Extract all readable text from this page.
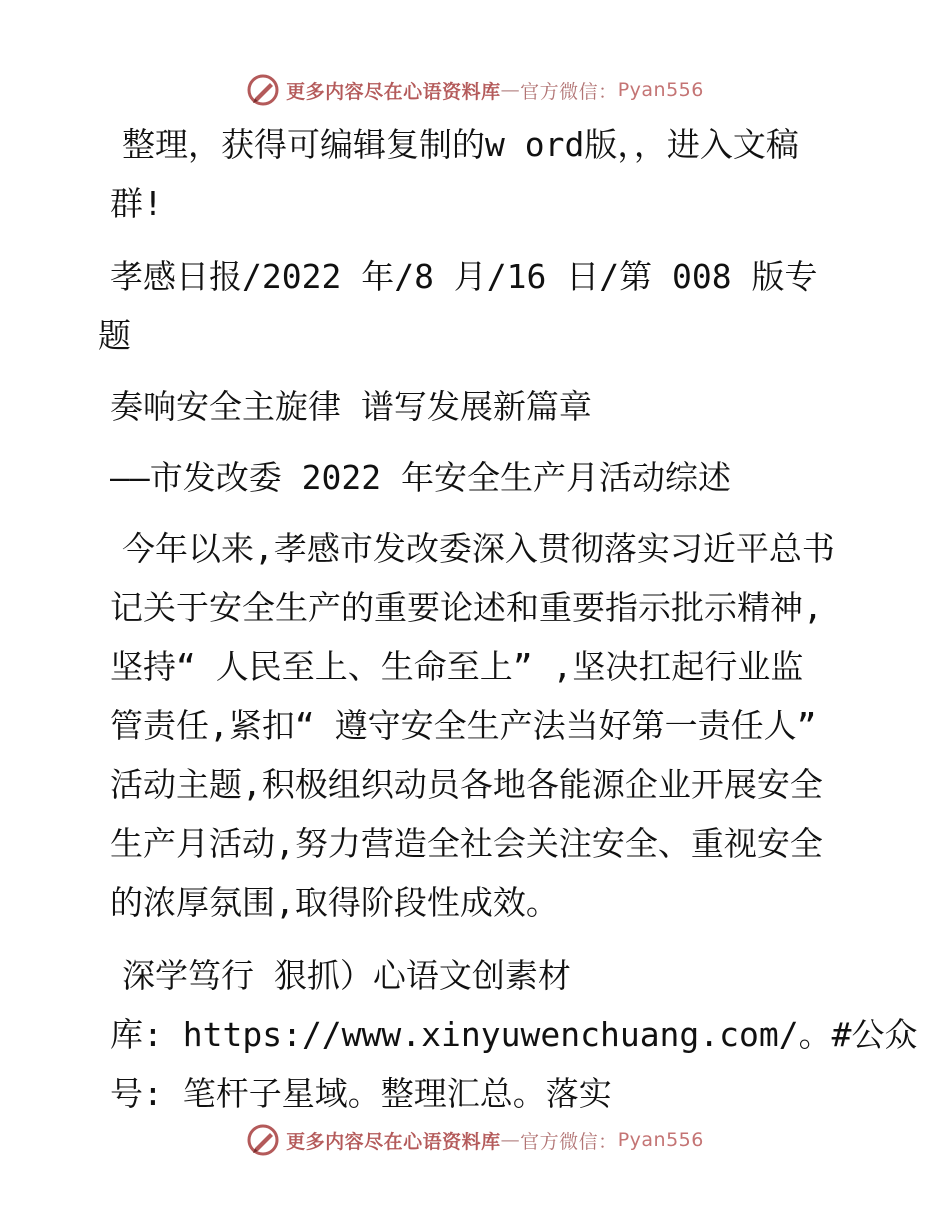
更多内容尽在心语资料库 — 官方微信： Pyan556

整理，获得可编辑复制的w ord版，，进入文稿
群!

孝感日报/2022 年/8 月/16 日/第 008 版专题

奏响安全主旋律 谱写发展新篇章

——市发改委 2022 年安全生产月活动综述

今年以来,孝感市发改委深入贯彻落实习近平总书
记关于安全生产的重要论述和重要指示批示精神,
坚持“ 人民至上、生命至上” ,坚决扛起行业监
管责任,紧扣“ 遵守安全生产法当好第一责任人”
活动主题,积极组织动员各地各能源企业开展安全
生产月活动,努力营造全社会关注安全、重视安全
的浓厚氛围,取得阶段性成效。

深学笃行 狠抓）心语文创素材
库: https://www.xinyuwenchuang.com/。#公众
号: 笔杆子星域。整理汇总。落实

更多内容尽在心语资料库 — 官方微信： Pyan556
